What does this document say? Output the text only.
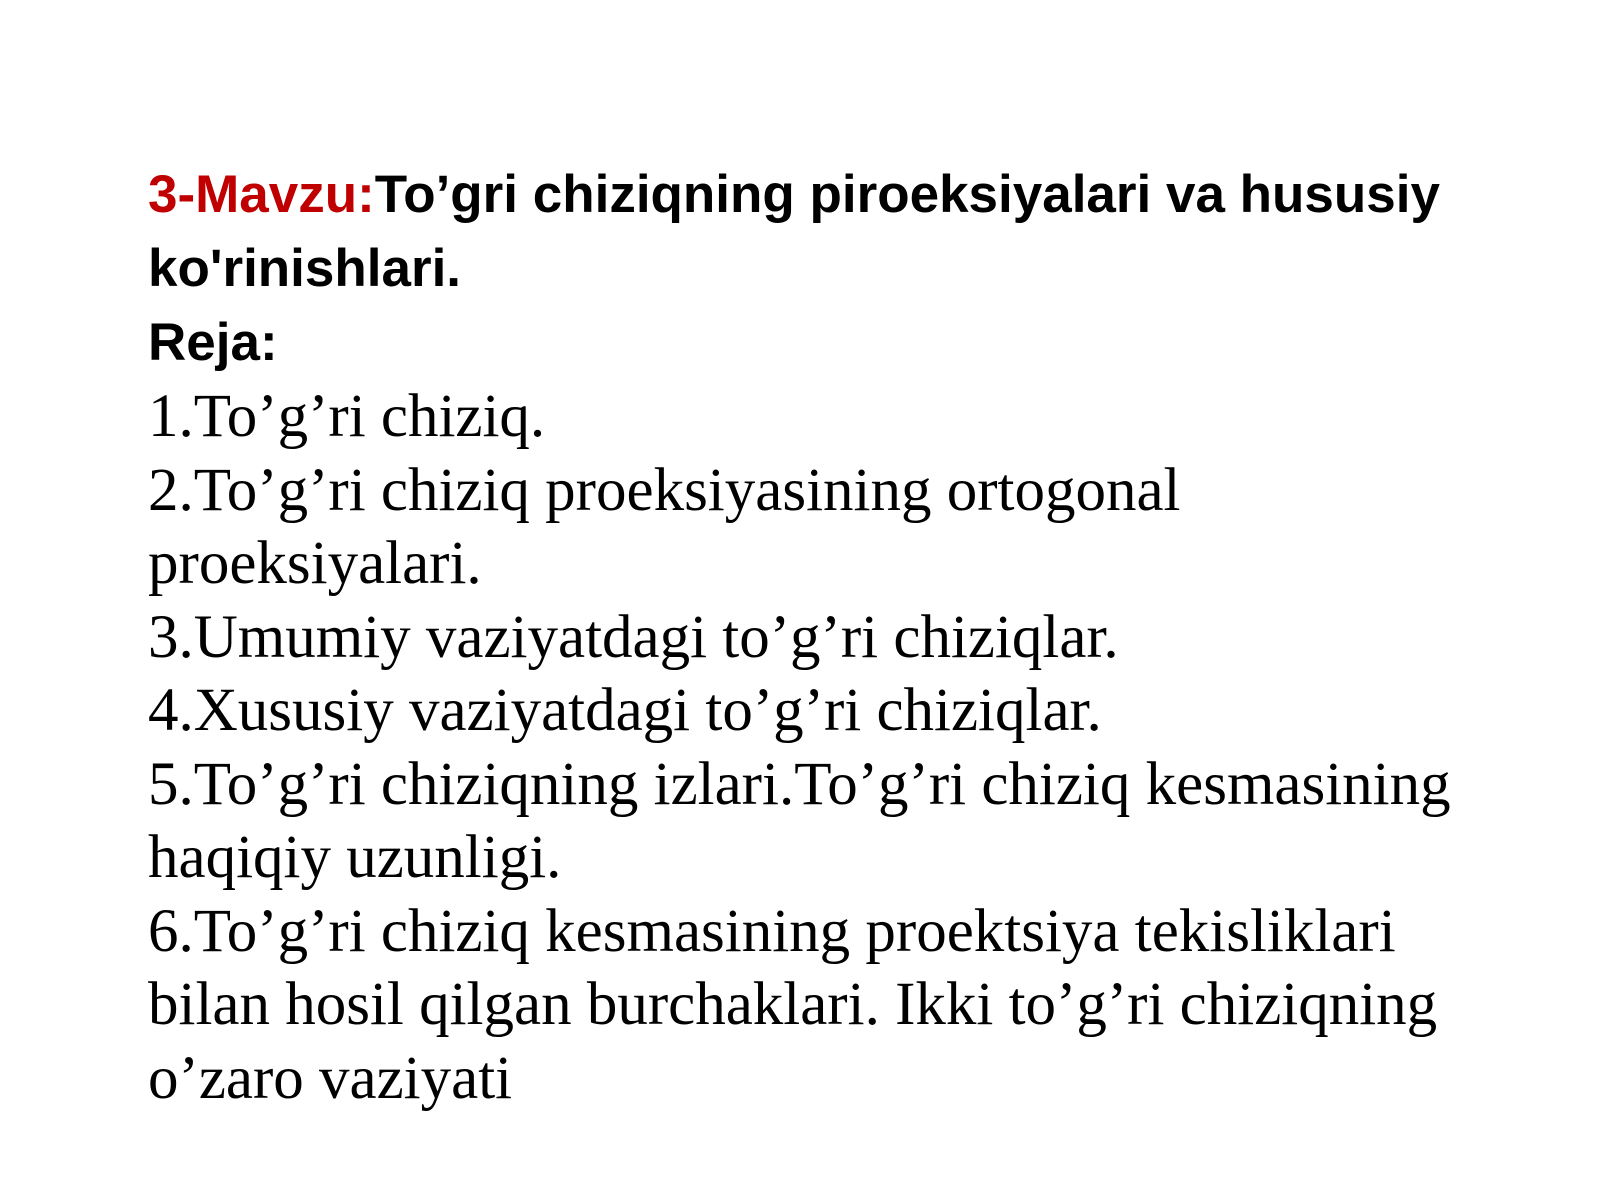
3-Mavzu:To’gri chiziqning piroeksiyalari va hususiy ko'rinishlari.

Reja:

1.To’g’ri chiziq.
2.To’g’ri chiziq proeksiyasining ortogonal proeksiyalari.
3.Umumiy vaziyatdagi to’g’ri chiziqlar.
4.Xususiy vaziyatdagi to’g’ri chiziqlar.
5.To’g’ri chiziqning izlari.To’g’ri chiziq kesmasining haqiqiy uzunligi.
6.To’g’ri chiziq kesmasining proektsiya tekisliklari bilan hosil qilgan burchaklari. Ikki to’g’ri chiziqning o’zaro vaziyati
